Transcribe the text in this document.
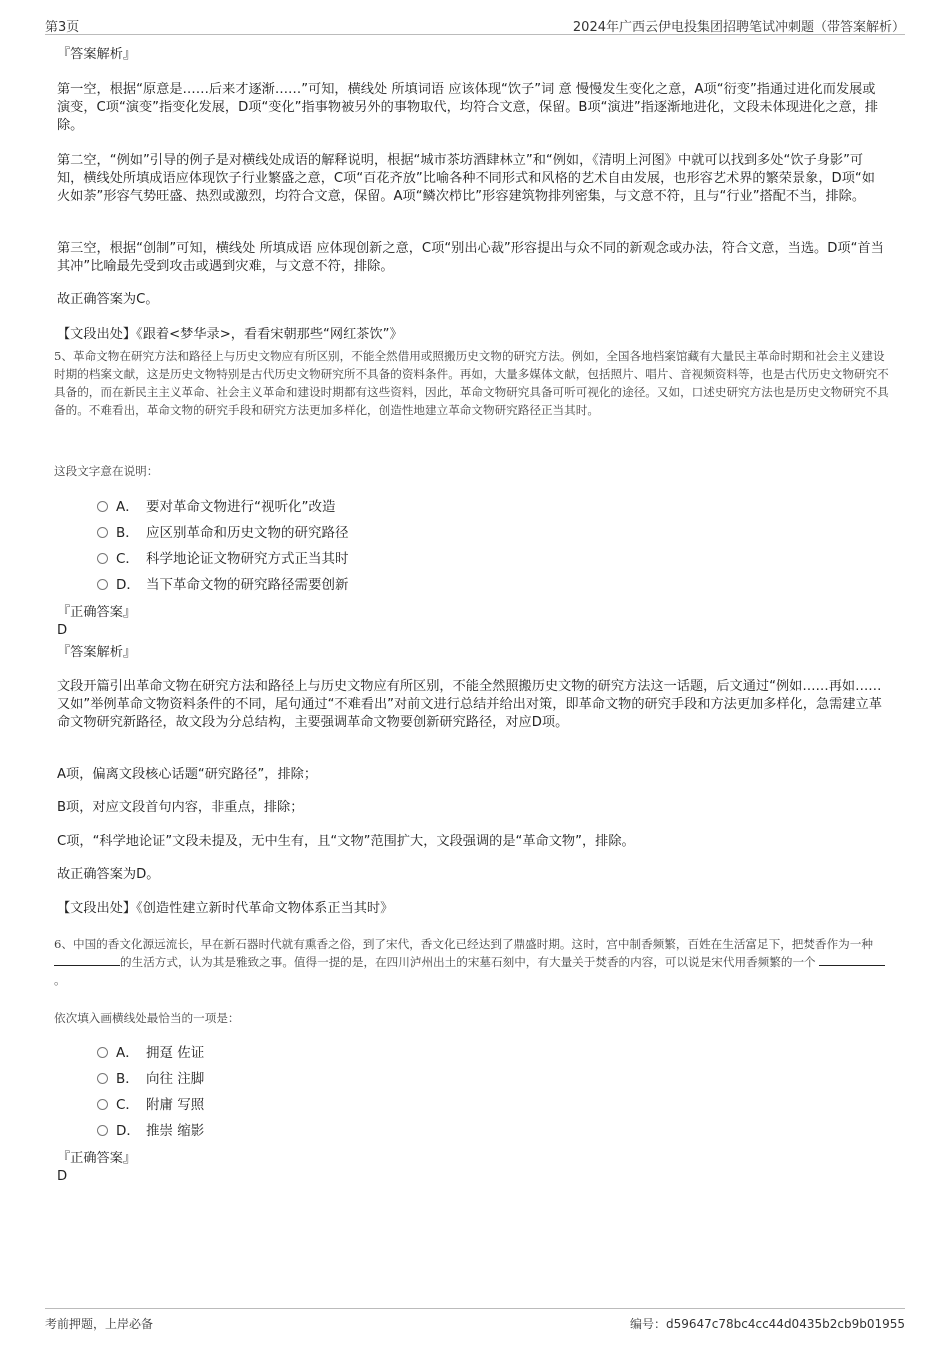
第3页	2024年广西云伊电投集团招聘笔试冲刺题（带答案解析）
『答案解析』
第一空，根据“原意是……后来才逐渐……”可知，横线处 所填词语 应该体现“饮子”词 意 慢慢发生变化之意，A项“衍变”指通过进化而发展或演变，C项“演变”指变化发展，D项“变化”指事物被另外的事物取代，均符合文意，保留。B项“演进”指逐渐地进化，文段未体现进化之意，排除。
第二空，“例如”引导的例子是对横线处成语的解释说明，根据“城市茶坊酒肆林立”和“例如，《清明上河图》中就可以找到多处“饮子身影”可知，横线处所填成语应体现饮子行业繁盛之意，C项“百花齐放”比喻各种不同形式和风格的艺术自由发展，也形容艺术界的繁荣景象，D项“如火如荼”形容气势旺盛、热烈或激烈，均符合文意，保留。A项“鳞次栉比”形容建筑物排列密集，与文意不符，且与“行业”搭配不当，排除。
第三空，根据“创制”可知，横线处 所填成语 应体现创新之意，C项“别出心裁”形容提出与众不同的新观念或办法，符合文意，当选。D项“首当其冲”比喻最先受到攻击或遇到灾难，与文意不符，排除。
故正确答案为C。
【文段出处】《跟着<梦华录>，看看宋朝那些“网红茶饮”》
5、革命文物在研究方法和路径上与历史文物应有所区别，不能全然借用或照搬历史文物的研究方法。例如，全国各地档案馆藏有大量民主革命时期和社会主义建设时期的档案文献，这是历史文物特别是古代历史文物研究所不具备的资料条件。再如，大量多媒体文献，包括照片、唱片、音视频资料等，也是古代历史文物研究不具备的，而在新民主主义革命、社会主义革命和建设时期都有这些资料，因此，革命文物研究具备可听可视化的途径。又如，口述史研究方法也是历史文物研究不具备的。不难看出，革命文物的研究手段和研究方法更加多样化，创造性地建立革命文物研究路径正当其时。
这段文字意在说明：
A． 要对革命文物进行“视听化”改造
B． 应区别革命和历史文物的研究路径
C． 科学地论证文物研究方式正当其时
D． 当下革命文物的研究路径需要创新
『正确答案』
D
『答案解析』
文段开篇引出革命文物在研究方法和路径上与历史文物应有所区别，不能全然照搬历史文物的研究方法这一话题，后文通过“例如……再如……又如”举例革命文物资料条件的不同，尾句通过“不难看出”对前文进行总结并给出对策，即革命文物的研究手段和方法更加多样化，急需建立革命文物研究新路径，故文段为分总结构，主要强调革命文物要创新研究路径，对应D项。
A项，偏离文段核心话题“研究路径”，排除；
B项，对应文段首句内容，非重点，排除；
C项，“科学地论证”文段未提及，无中生有，且“文物”范围扩大，文段强调的是“革命文物”，排除。
故正确答案为D。
【文段出处】《创造性建立新时代革命文物体系正当其时》
6、中国的香文化源远流长，早在新石器时代就有熏香之俗，到了宋代，香文化已经达到了鼎盛时期。这时，宫中制香频繁，百姓在生活富足下，把焚香作为一种 的生活方式，认为其是雅致之事。值得一提的是，在四川泸州出土的宋墓石刻中，有大量关于焚香的内容，可以说是宋代用香频繁的一个 。
依次填入画横线处最恰当的一项是：
A． 拥趸 佐证
B． 向往 注脚
C． 附庸 写照
D． 推崇 缩影
『正确答案』
D
考前押题，上岸必备	编号：d59647c78bc4cc44d0435b2cb9b01955
